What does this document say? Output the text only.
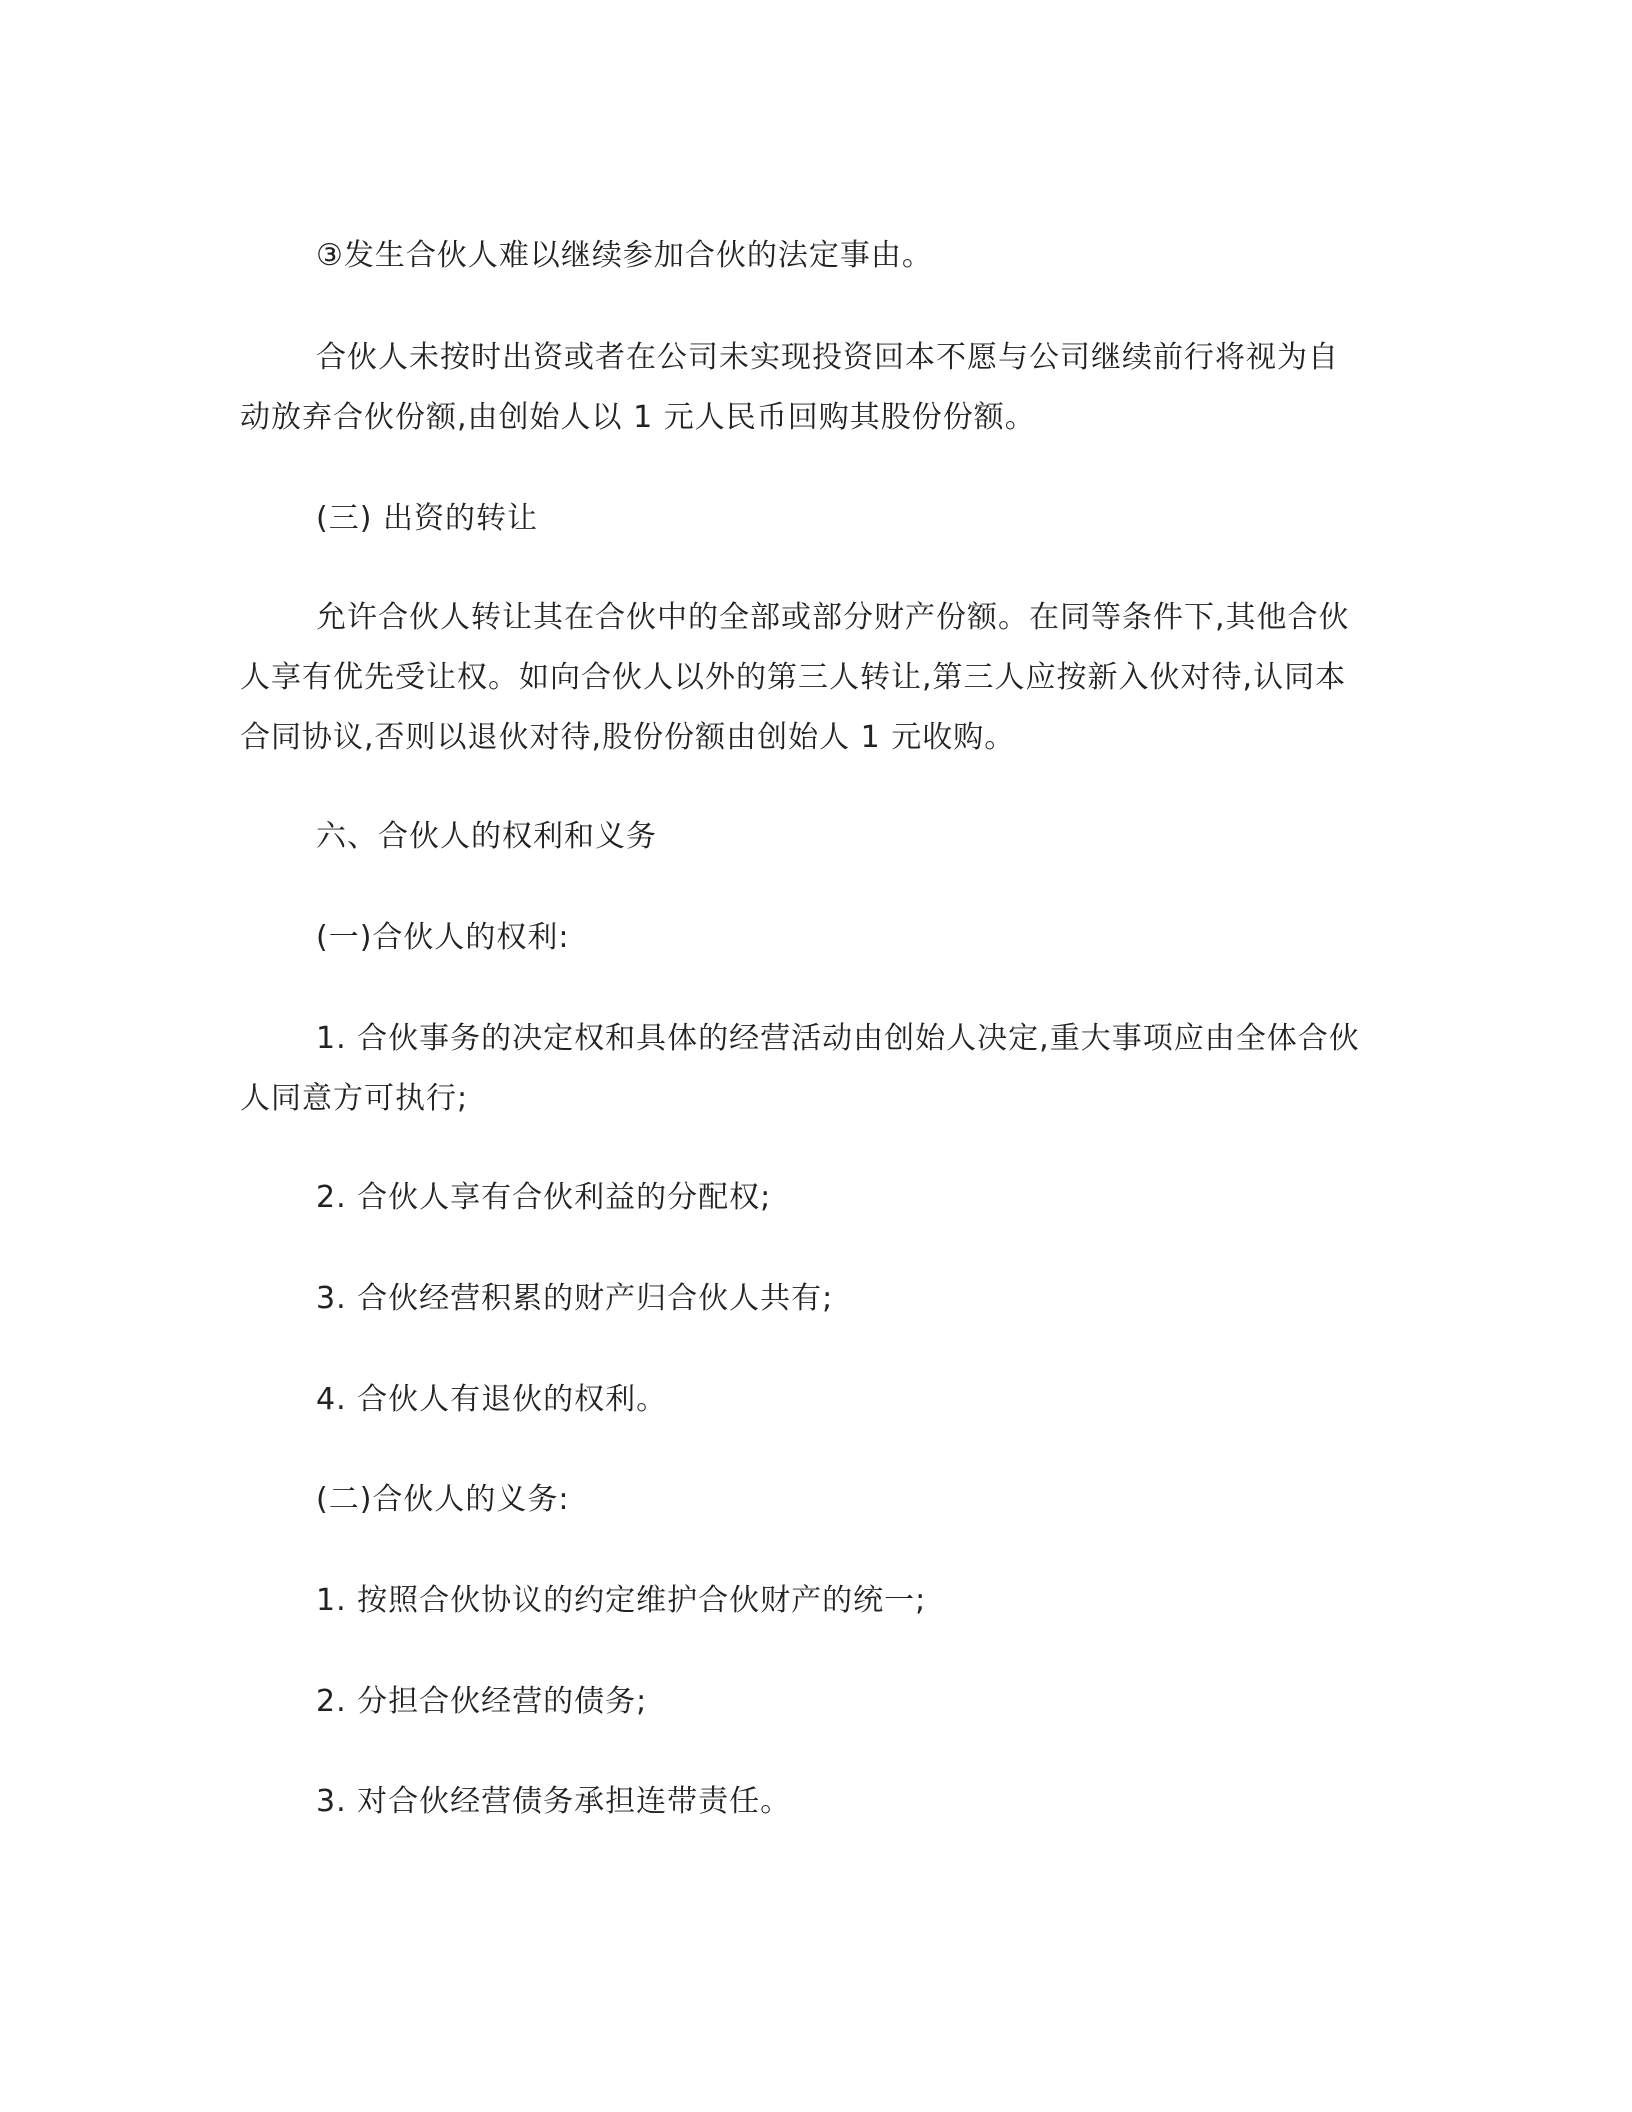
③发生合伙人难以继续参加合伙的法定事由。
合伙人未按时出资或者在公司未实现投资回本不愿与公司继续前行将视为自
动放弃合伙份额,由创始人以 1 元人民币回购其股份份额。
(三) 出资的转让
允许合伙人转让其在合伙中的全部或部分财产份额。在同等条件下,其他合伙
人享有优先受让权。如向合伙人以外的第三人转让,第三人应按新入伙对待,认同本
合同协议,否则以退伙对待,股份份额由创始人 1 元收购。
六、合伙人的权利和义务
(一)合伙人的权利:
1. 合伙事务的决定权和具体的经营活动由创始人决定,重大事项应由全体合伙
人同意方可执行;
2. 合伙人享有合伙利益的分配权;
3. 合伙经营积累的财产归合伙人共有;
4. 合伙人有退伙的权利。
(二)合伙人的义务:
1. 按照合伙协议的约定维护合伙财产的统一;
2. 分担合伙经营的债务;
3. 对合伙经营债务承担连带责任。
